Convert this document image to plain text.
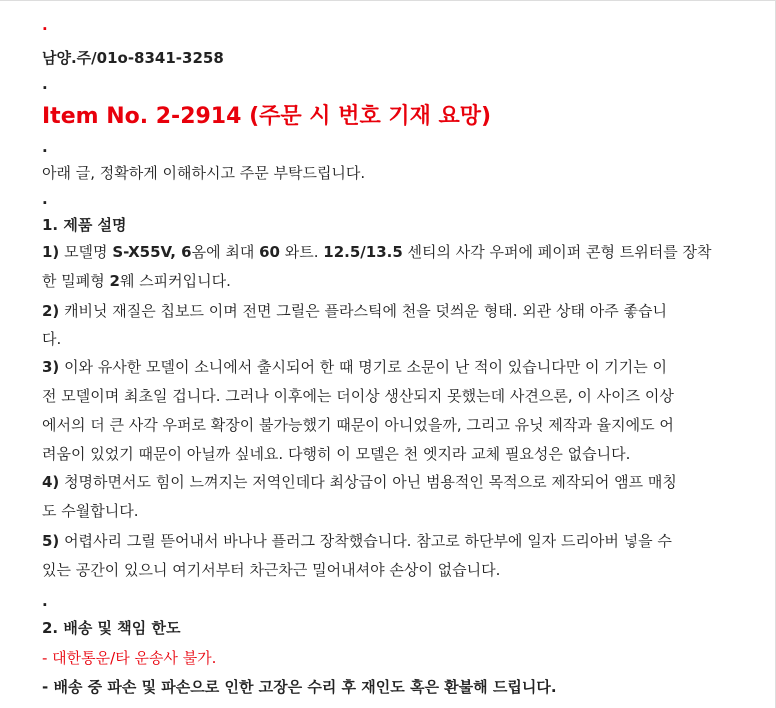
.
남양.주/01o-8341-3258
.
Item No. 2-2914 (주문 시 번호 기재 요망)
.
아래 글, 정확하게 이해하시고 주문 부탁드립니다.
.
1. 제품 설명
1) 모델명 S-X55V, 6옴에 최대 60 와트. 12.5/13.5 센티의 사각 우퍼에 페이퍼 콘형 트위터를 장착
한 밀폐형 2웨 스피커입니다.
2) 캐비닛 재질은 칩보드 이며 전면 그릴은 플라스틱에 천을 덧씌운 형태. 외관 상태 아주 좋습니
다.
3) 이와 유사한 모델이 소니에서 출시되어 한 때 명기로 소문이 난 적이 있습니다만 이 기기는 이
전 모델이며 최초일 겁니다. 그러나 이후에는 더이상 생산되지 못했는데 사견으론, 이 사이즈 이상
에서의 더 큰 사각 우퍼로 확장이 불가능했기 때문이 아니었을까, 그리고 유닛 제작과 율지에도 어
려움이 있었기 때문이 아닐까 싶네요. 다행히 이 모델은 천 엣지라 교체 필요성은 없습니다.
4) 청명하면서도 힘이 느껴지는 저역인데다 최상급이 아닌 범용적인 목적으로 제작되어 앰프 매칭
도 수월합니다.
5) 어렵사리 그릴 뜯어내서 바나나 플러그 장착했습니다. 참고로 하단부에 일자 드리아버 넣을 수
있는 공간이 있으니 여기서부터 차근차근 밀어내셔야 손상이 없습니다.
.
2. 배송 및 책임 한도
- 대한통운/타 운송사 불가.
- 배송 중 파손 및 파손으로 인한 고장은 수리 후 재인도 혹은 환불해 드립니다.
